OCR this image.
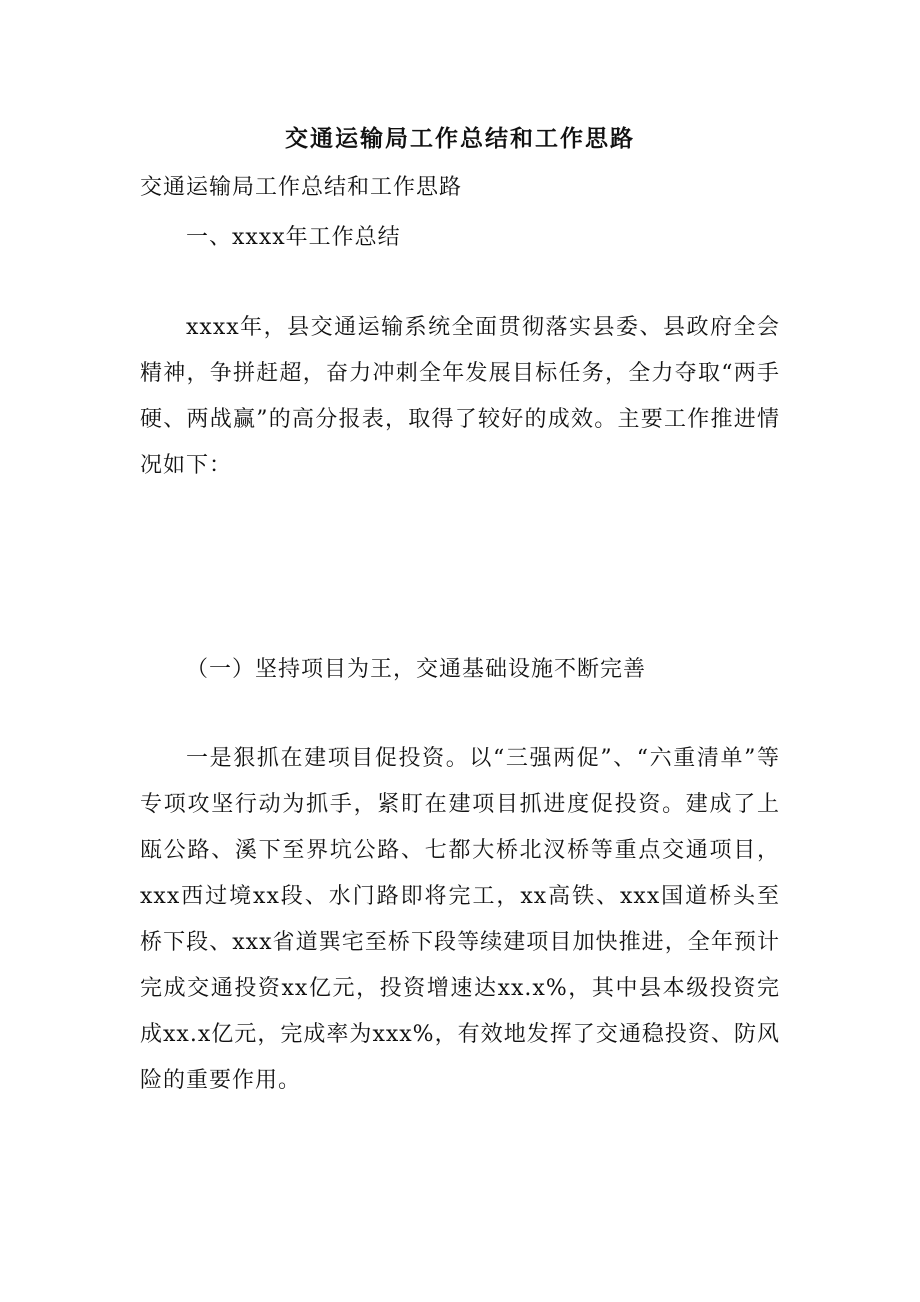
交通运输局工作总结和工作思路
交通运输局工作总结和工作思路
一、xxxx年工作总结
xxxx年，县交通运输系统全面贯彻落实县委、县政府全会精神，争拼赶超，奋力冲刺全年发展目标任务，全力夺取“两手硬、两战赢”的高分报表，取得了较好的成效。主要工作推进情况如下：
（一）坚持项目为王，交通基础设施不断完善
一是狠抓在建项目促投资。以“三强两促”、“六重清单”等专项攻坚行动为抓手，紧盯在建项目抓进度促投资。建成了上瓯公路、溪下至界坑公路、七都大桥北汊桥等重点交通项目，xxx西过境xx段、水门路即将完工，xx高铁、xxx国道桥头至桥下段、xxx省道巽宅至桥下段等续建项目加快推进，全年预计完成交通投资xx亿元，投资增速达xx.x%，其中县本级投资完成xx.x亿元，完成率为xxx%，有效地发挥了交通稳投资、防风险的重要作用。
